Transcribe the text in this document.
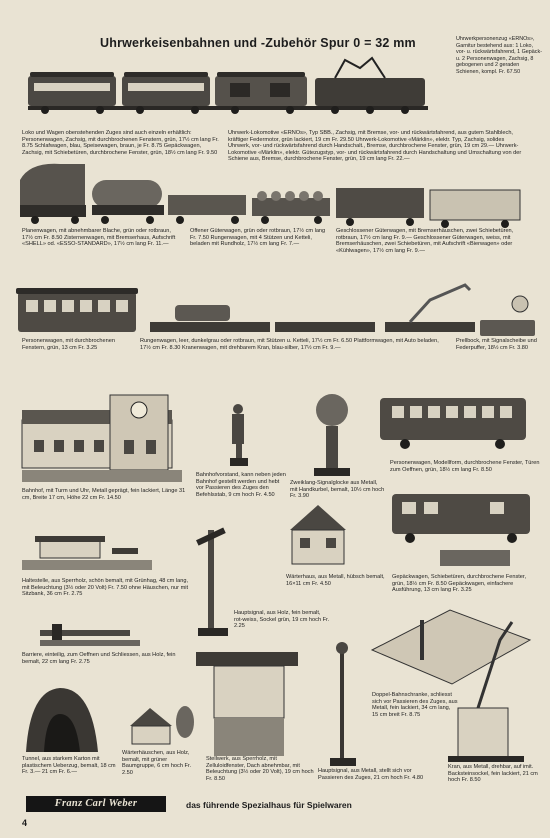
Uhrwerkeisenbahnen und -Zubehör Spur 0 = 32 mm	Uhrwerkpersonenzug «ERNOs», Garnitur bestehend aus: 1 Loko, vor- u. rückwärtsfahrend, 1 Gepäck- u. 2 Personenwagen, Zachsig, 8 gebogenen und 2 geraden Schienen, kompl. Fr. 67.50
Loko und Wagen obenstehenden Zuges sind auch einzeln erhältlich: Personenwagen, Zachsig, mit durchbrochenen Fenstern, grün, 17½ cm lang Fr. 8.75 Schlafwagen, blau, Speisewagen, braun, je Fr. 8.75 Gepäckwagen, Zachsig, mit Schiebetüren, durchbrochene Fenster, grün, 18½ cm lang Fr. 9.50
Uhrwerk-Lokomotive «ERNOs», Typ SBB., Zachsig, mit Bremse, vor- und rückwärtsfahrend, aus gutem Stahlblech, kräftiger Federmotor, grün lackiert, 19 cm Fr. 29.50 Uhrwerk-Lokomotive «Märklin», elektr. Typ, Zachsig, solides Uhrwerk, vor- und rückwärtsfahrend durch Handschalt., Bremse, durchbrochene Fenster, grün, 19 cm 29.— Uhrwerk-Lokomotive «Märklin», elektr. Gütezugstyp, vor- und rückwärtsfahrend durch Handschaltung und Umschaltung von der Schiene aus, Bremse, durchbrochene Fenster, grün, 19 cm lang Fr. 22.—
Planenwagen, mit abnehmbarer Blache, grün oder rotbraun, 17½ cm Fr. 8.50 Zisternenwagen, mit Bremserhaus, Aufschrift «SHELL» od. «ESSO-STANDARD», 17½ cm lang Fr. 11.—
Offener Güterwagen, grün oder rotbraun, 17½ cm lang Fr. 7.50 Rungenwagen, mit 4 Stützen und Ketteli, beladen mit Rundholz, 17½ cm lang Fr. 7.—
Geschlossener Güterwagen, mit Bremserhäuschen, zwei Schiebetüren, rotbraun, 17½ cm lang Fr. 9.— Geschlossener Güterwagen, weiss, mit Bremserhäuschen, zwei Schiebetüren, mit Aufschrift «Bierwagen» oder «Kühlwagen», 17½ cm lang Fr. 9.—
Personenwagen, mit durchbrochenen Fenstern, grün, 13 cm Fr. 3.25
Rungenwagen, leer, dunkelgrau oder rotbraun, mit Stützen u. Ketteli, 17½ cm Fr. 6.50 Plattformwagen, mit Auto beladen, 17½ cm Fr. 8.30 Kranenwagen, mit drehbarem Kran, blau-silber, 17½ cm Fr. 9.—
Prellbock, mit Signalscheibe und Federpuffer, 18½ cm Fr. 3.80
Bahnhof, mit Turm und Uhr, Metall geprägt, fein lackiert, Länge 31 cm, Breite 17 cm, Höhe 22 cm Fr. 14.50
Bahnhofvorstand, kann neben jeden Bahnhof gestellt werden und hebt vor Passieren des Zuges den Befehlsstab, 9 cm hoch Fr. 4.50
Zweiklang-Signalglocke aus Metall, mit Handkurbel, bemalt, 10½ cm hoch Fr. 3.90
Personenwagen, Modellform, durchbrochene Fenster, Türen zum Oeffnen, grün, 18½ cm lang Fr. 8.50
Haltestelle, aus Sperrholz, schön bemalt, mit Grünhag, 48 cm lang, mit Beleuchtung (3½ oder 20 Volt) Fr. 7.50 ohne Häuschen, nur mit Sitzbank, 36 cm Fr. 2.75
Wärterhaus, aus Metall, hübsch bemalt, 16×11 cm Fr. 4.50
Gepäckwagen, Schiebetüren, durchbrochene Fenster, grün, 18½ cm Fr. 8.50 Gepäckwagen, einfachere Ausführung, 13 cm lang Fr. 3.25
Hauptsignal, aus Holz, fein bemalt, rot-weiss, Sockel grün, 19 cm hoch Fr. 2.25
Barriere, einteilig, zum Oeffnen und Schliessen, aus Holz, fein bemalt, 22 cm lang Fr. 2.75
Doppel-Bahnschranke, schliesst sich vor Passieren des Zuges, aus Metall, fein lackiert, 34 cm lang, 15 cm breit Fr. 8.75
Tunnel, aus starkem Karton mit plastischem Ueberzug, bemalt, 18 cm Fr. 3.— 21 cm Fr. 6.—
Wärterhäuschen, aus Holz, bemalt, mit grüner Baumgruppe, 6 cm hoch Fr. 2.50
Stellwerk, aus Sperrholz, mit Zelluloidfenster, Dach abnehmbar, mit Beleuchtung (3½ oder 20 Volt), 19 cm hoch Fr. 8.50
Hauptsignal, aus Metall, stellt sich vor Passieren des Zuges, 21 cm hoch Fr. 4.80
Kran, aus Metall, drehbar, auf imit. Backsteinsockel, fein lackiert, 21 cm hoch Fr. 8.50
Franz Carl Weber	das führende Spezialhaus für Spielwaren
4
